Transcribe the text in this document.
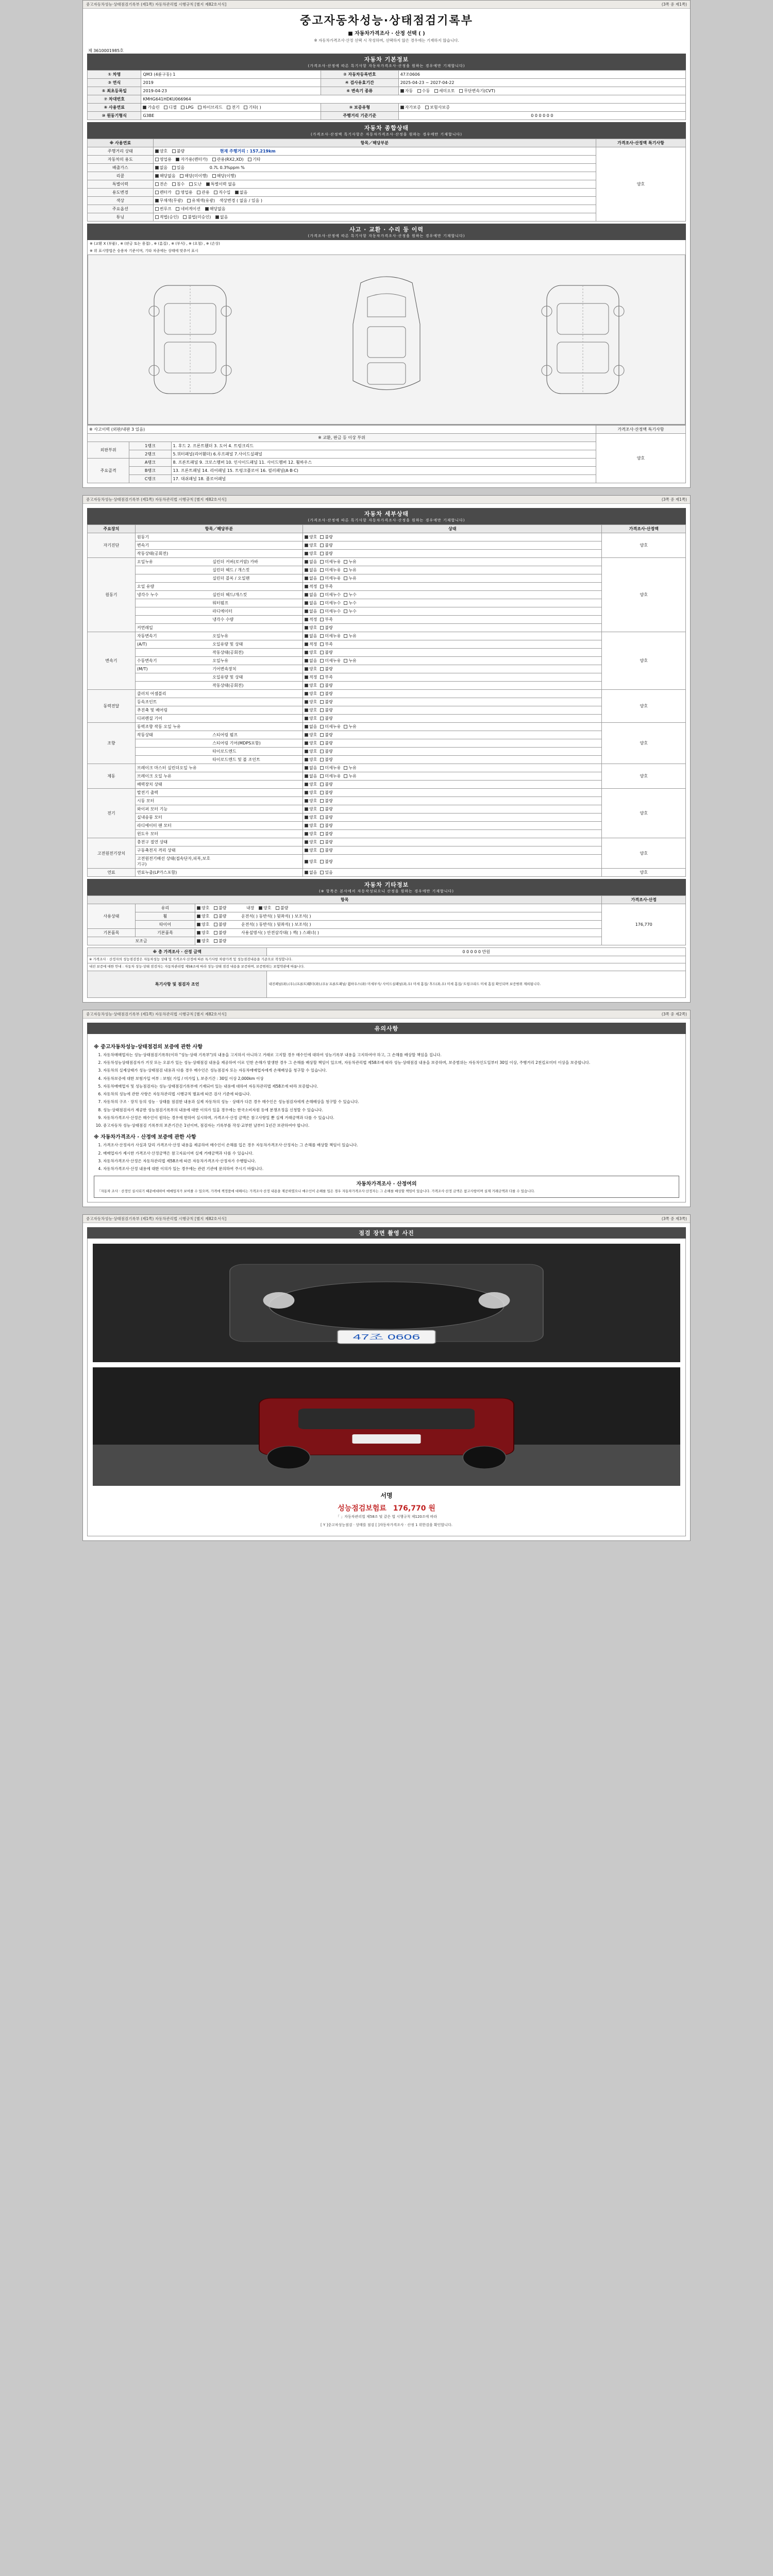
중고자동차성능·상태점검기록부 (제1쪽) 자동차관리법 시행규칙 [별지 제82호서식]	(3쪽 중 제1쪽)
중고자동차성능·상태점검기록부
■ 자동차가격조사 · 산정 선택 ( )
※ 자동차가격조사·산정 선택 시 작성하며, 선택하지 않은 경우에는 기재하지 않습니다.
제 3610001985호
자동차 기본정보
(가격조사·산정에 따른 특기사항 자동차가격조사·산정을 원하는 경우에만 기재합니다)
① 차명	QM3 (4륜구동) 1	② 자동차등록번호	47조0606
③ 연식	2019	④ 검사유효기간	2025-04-23 ~ 2027-04-22
⑤ 최초등록일	2019-04-23	⑥ 변속기 종류	자동 수동 세미오토 무단변속기(CVT)
⑦ 차대번호	KMHG641HDKU066964		
⑧ 사용연료	가솔린 디젤 LPG 하이브리드 전기 기타( )	⑨ 보증유형	자가보증 보험사보증
⑩ 원동기형식	G3BE	주행거리 기준기준	0 0 0 0 0 0
자동차 종합상태
(가격조사·산정액 특기사항은 자동차가격조사·산정을 원하는 경우에만 기재합니다)
※ 사용연료	항목／해당부분	가격조사·산정액 특기사항
주행거리 상태	양호 불량 현재 주행거리 : 157,219km	양호
자동차의 용도	영업용 자가용(렌터카) 관용(RX2,XD) 기타	
배출가스	없음 있음 0.7L 0.3%ppm %	
리콜	해당없음 해당(미이행) 해당(이행)	
특별이력	전손 침수 도난 특별이력 없음	
용도변경	렌터카 영업용 관용 직수입 없음	
색상	무채색(무광) 유채색(유광) 색상변경 ( 없음 / 있음 )	
주요옵션	썬루프 네비게이션 해당없음	
튜닝	적법(승인) 불법(미승인) 없음	
사고 · 교환 · 수리 등 이력
(가격조사·산정에 따른 특기사항 자동차가격조사·산정을 원하는 경우에만 기재합니다)
※ (교환 X (부품) , ※ (판금 또는 용접) , ※ (흠집) , ※ (부식) , ※ (요철) , ※ (손상)
※ 위 표시방법은 승용차 기준이며, 기타 차종에는 상태에 맞추어 표시
※ 사고이력 (외판/내판 3 있음)			가격조사·산정액 특기사항
※ 교환, 판금 등 이상 부위			양호
외판부위	1랭크	1. 후드 2. 프론트휀더 3. 도어 4. 트렁크리드	
	2랭크	5.쿼터패널(리어휀더) 6.루프패널 7.사이드실패널	
주요골격	A랭크	8. 프론트패널 9. 크로스멤버 10. 인사이드패널 11. 사이드멤버 12. 휠하우스	
	B랭크	13. 프론트패널 14. 리어패널 15. 트렁크플로어 16. 필러패널(A·B·C)	
	C랭크	17. 대쉬패널 18. 플로어패널	
중고자동차성능·상태점검기록부 (제1쪽) 자동차관리법 시행규칙 [별지 제82호서식]	(3쪽 중 제1쪽)
자동차 세부상태
(가격조사·산정에 따른 특기사항 자동차가격조사·산정을 원하는 경우에만 기재합니다)
주요장치	항목／해당부분	상태	가격조사·산정액
자기진단	원동기	양호 불량	양호
	변속기	양호 불량	
	작동상태(공회전)	양호 불량	
원동기	오일누유 실린더 커버(로커암) 카바	없음 미세누유 누유	양호
	실린더 헤드 / 개스킷	없음 미세누유 누유	
	실린더 블록 / 오일팬	없음 미세누유 누유	
	오일 유량	적정 부족	
	냉각수 누수 실린더 헤드/개스킷	없음 미세누수 누수	
	워터펌프	없음 미세누수 누수	
	라디에이터	없음 미세누수 누수	
	냉각수 수량	적정 부족	
	커먼레일	양호 불량	
변속기	자동변속기 오일누유	없음 미세누유 누유	양호
	(A/T) 오일유량 및 상태	적정 부족	
	작동상태(공회전)	양호 불량	
	수동변속기 오일누유	없음 미세누유 누유	
	(M/T) 기어변속장치	양호 불량	
	오일유량 및 상태	적정 부족	
	작동상태(공회전)	양호 불량	
동력전달	클러치 어셈블리	양호 불량	양호
	등속조인트	양호 불량	
	추진축 및 베어링	양호 불량	
	디퍼렌셜 기어	양호 불량	
조향	동력조향 작동 오일 누유	없음 미세누유 누유	양호
	작동상태 스티어링 펌프	양호 불량	
	스티어링 기어(MDPS포함)	양호 불량	
	타이로드엔드	양호 불량	
	타이로드엔드 및 볼 조인트	양호 불량	
제동	브레이크 마스터 실린더오일 누유	없음 미세누유 누유	양호
	브레이크 오일 누유	없음 미세누유 누유	
	배력장치 상태	양호 불량	
전기	발전기 출력	양호 불량	양호
	시동 모터	양호 불량	
	와이퍼 모터 기능	양호 불량	
	실내송풍 모터	양호 불량	
	라디에이터 팬 모터	양호 불량	
	윈도우 모터	양호 불량	
고전원전기장치	충전구 절연 상태	양호 불량	양호
	구동축전지 격리 상태	양호 불량	
	고전원전기배선 상태(접속단자,피복,보호기구)	양호 불량	
연료	연료누출(LP가스포함)	없음 있음	양호
자동차 기타정보
(※ 항목은 본사에서 자동작성되오니 산정을 원하는 경우에만 기재합니다)
항목			가격조사·산정
사용상태	유리	양호 불량 내장 양호 불량	176,770
	휠	양호 불량 운전석( ) 동반석( ) 뒷좌석( ) 보조석( )	
	타이어	양호 불량 운전석( ) 동반석( ) 뒷좌석( ) 보조석( )	
기본품목	기본품목	양호 불량 사용설명서( ) 안전삼각대( ) 잭( ) 스패너( )	
보조금		양호 불량	
※ 총 가격조사 · 산정 금액	0 0 0 0 0 만원
※ 가격조사 · 산정자의 성능점검장은 자동차성능 상태 및 가격조사·산정에 따른 특기사항 차량가격 및 성능점검내용을 기준으로 작성합니다.	
내진 보증에 대한 안내 : 자동차 성능·상태 점검자는 자동차관리법 제58조에 따라 성능·상태 점검 내용을 보증하며, 보증범위는 보험약관에 따릅니다.	
특기사항 및 점검자 조언	내진페널(좌),(우),(프론트)휀더(좌),(우)/ 프론트패널/ 휠하우스(좌) 미세부식/ 사이드실패널(좌,우) 미세 흠집/ 후드(좌,우) 미세 흠집/ 트렁크리드 미세 흠집 확인되며 보증범위 제외됩니다.
중고자동차성능·상태점검기록부 (제1쪽) 자동차관리법 시행규칙 [별지 제82호서식]	(3쪽 중 제2쪽)
유의사항
※ 중고자동차성능·상태점검의 보증에 관한 사항
1. 자동차매매업자는 성능·상태점검기록부(이하 "성능·상태 기록부")의 내용을 고지하지 아니하고 거래로 고지할 경우 매수인에 대하여 성능기록부 내용을 고지하여야 하고, 그 손해를 배상할 책임을 집니다.
2. 자동차성능상태점검자가 거짓 또는 오류가 있는 성능·상태점검 내용을 제공하여 이로 인한 손해가 발생한 경우 그 손해를 배상할 책임이 있으며, 자동차관리법 제58조에 따라 성능·상태점검 내용을 보증하며, 보증범위는 자동차인도일부터 30일 이상, 주행거리 2천킬로미터 이상을 보증합니다.
3. 자동차의 실제상태가 성능·상태점검 내용과 다를 경우 매수인은 성능점검자 또는 자동차매매업자에게 손해배상을 청구할 수 있습니다.
4. 자동차보증에 대한 보험가입 여부 : 보험( 가입 / 미가입 ), 보증기간 : 30일 이상 2,000km 이상
5. 자동차매매업자 및 성능점검자는 성능·상태점검기록부에 기재되어 있는 내용에 대하여 자동차관리법 제58조에 따라 보증합니다.
6. 자동차의 성능에 관한 사항은 자동차관리법 시행규칙 별표에 따른 검사 기준에 따릅니다.
7. 자동차의 구조 · 장치 등의 성능 · 상태를 점검한 내용과 실제 자동차의 성능 · 상태가 다른 경우 매수인은 성능점검자에게 손해배상을 청구할 수 있습니다.
8. 성능·상태점검자가 제공한 성능점검기록부의 내용에 대한 이의가 있을 경우에는 한국소비자원 등에 분쟁조정을 신청할 수 있습니다.
9. 자동차가격조사·산정은 매수인이 원하는 경우에 한하여 실시하며, 가격조사·산정 금액은 참고사항일 뿐 실제 거래금액과 다를 수 있습니다.
10. 중고자동차 성능·상태점검 기록부의 보존기간은 1년이며, 점검자는 기록부를 작성·교부한 날부터 1년간 보관하여야 합니다.
※ 자동차가격조사 · 산정에 보증에 관한 사항
1. 가격조사·산정자가 사실과 달리 가격조사·산정 내용을 제공하여 매수인이 손해를 입은 경우 자동차가격조사·산정자는 그 손해를 배상할 책임이 있습니다.
2. 매매업자가 제시한 가격조사·산정금액은 참고자료이며 실제 거래금액과 다를 수 있습니다.
3. 자동차가격조사·산정은 자동차관리법 제58조에 따른 자동차가격조사·산정자가 수행합니다.
4. 자동차가격조사·산정 내용에 대한 이의가 있는 경우에는 관련 기관에 문의하여 주시기 바랍니다.
자동차가격조사 · 산정여의
「자동차 조사 · 산정인 실시되기 때문에대하여 매매업자가 보여줄 수 있으며, 가격에 책정품에 대해서는 가격조사·산정 내용을 제공하였으나 매수인이 손해를 입은 경우 자동차가격조사·산정자는 그 손해를 배상할 책임이 있습니다. 가격조사·산정 금액은 참고사항이며 실제 거래금액과 다를 수 있습니다.
중고자동차성능·상태점검기록부 (제1쪽) 자동차관리법 시행규칙 [별지 제82호서식]	(3쪽 중 제3쪽)
점검 장면 촬영 사진
47조 0606
서명
성능점검보험료 176,770 원
「 」자동차관리법 제58조 및 같은 법 시행규칙 제120조에 따라
[ Y ]중고차성능점검 · 상태를 점검 [ ]자동차가격조사 · 산정 1 위한검을 확인합니다.
